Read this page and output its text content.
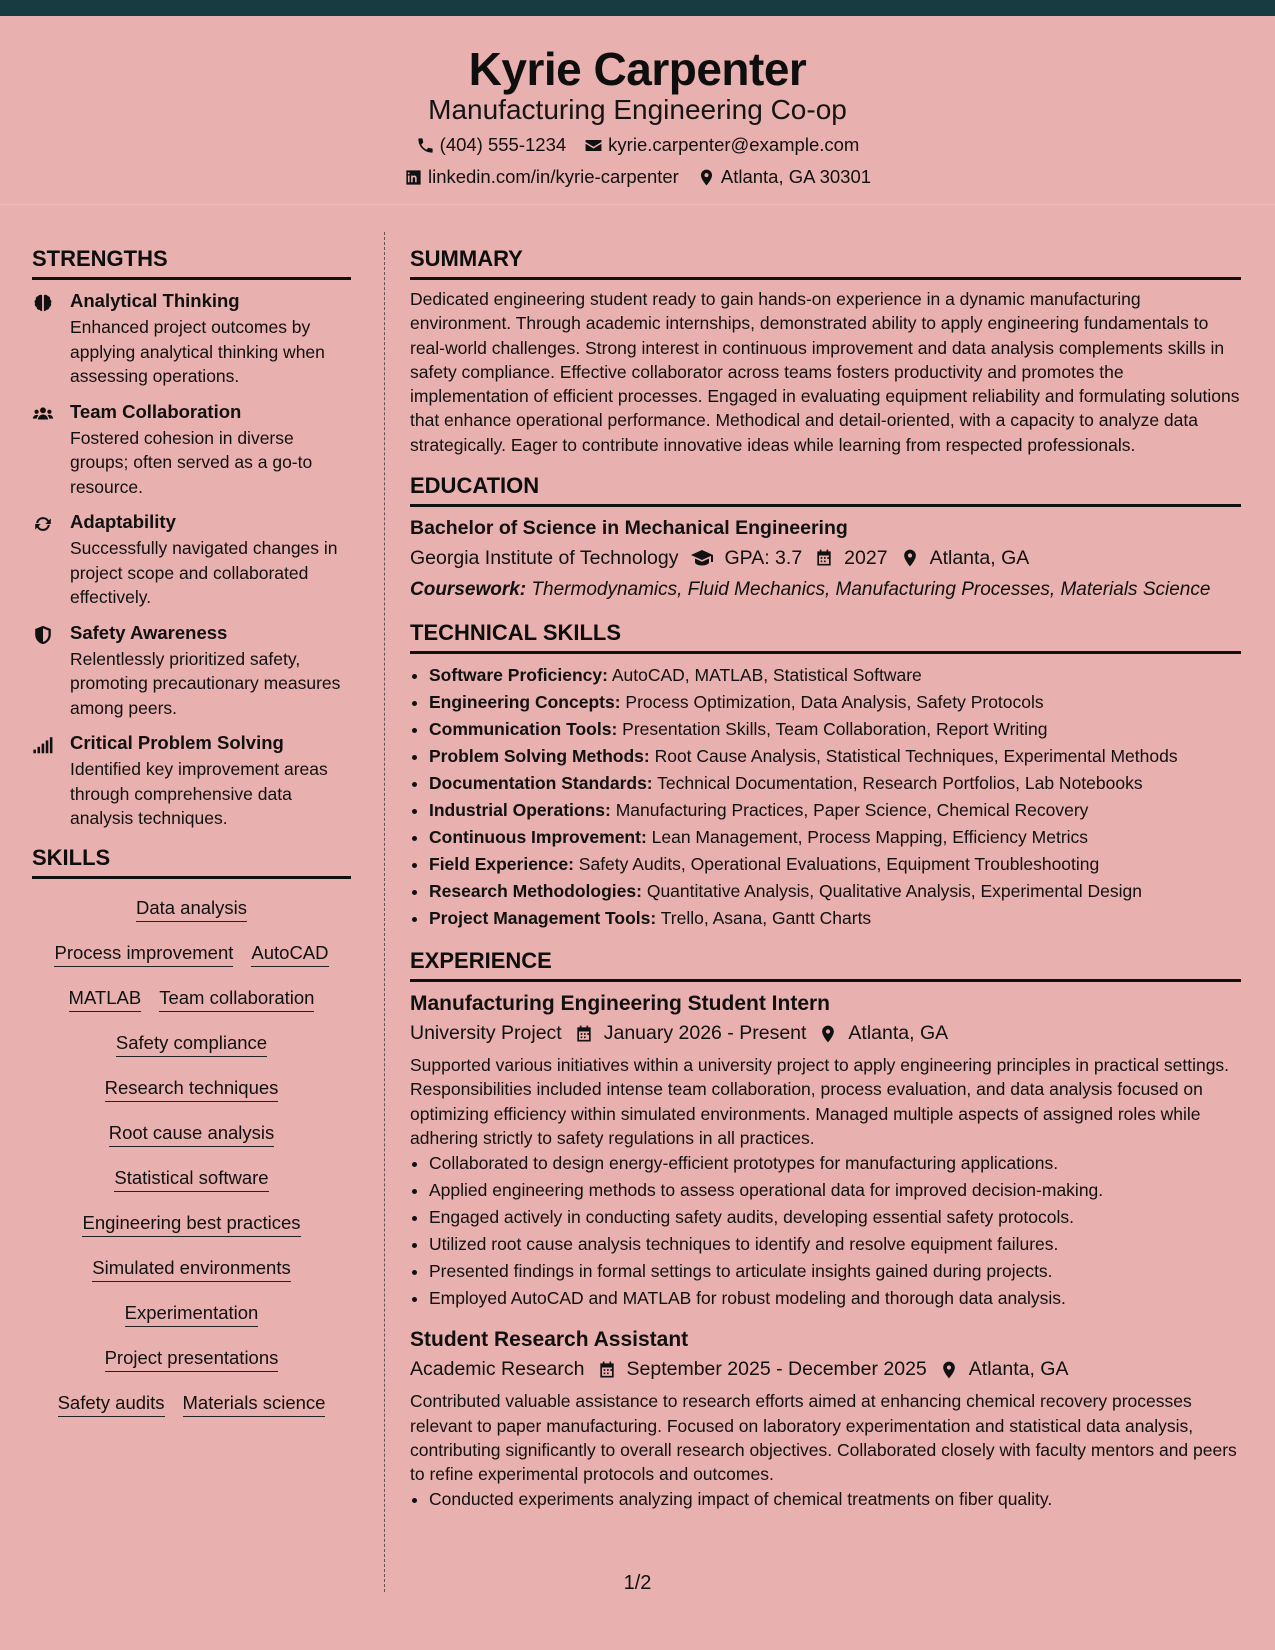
Kyrie Carpenter
Manufacturing Engineering Co-op
(404) 555-1234 kyrie.carpenter@example.com
linkedin.com/in/kyrie-carpenter Atlanta, GA 30301
STRENGTHS
Analytical Thinking
Enhanced project outcomes by applying analytical thinking when assessing operations.
Team Collaboration
Fostered cohesion in diverse groups; often served as a go-to resource.
Adaptability
Successfully navigated changes in project scope and collaborated effectively.
Safety Awareness
Relentlessly prioritized safety, promoting precautionary measures among peers.
Critical Problem Solving
Identified key improvement areas through comprehensive data analysis techniques.
SKILLS
Data analysis
Process improvement AutoCAD
MATLAB Team collaboration
Safety compliance
Research techniques
Root cause analysis
Statistical software
Engineering best practices
Simulated environments
Experimentation
Project presentations
Safety audits Materials science
SUMMARY
Dedicated engineering student ready to gain hands-on experience in a dynamic manufacturing environment. Through academic internships, demonstrated ability to apply engineering fundamentals to real-world challenges. Strong interest in continuous improvement and data analysis complements skills in safety compliance. Effective collaborator across teams fosters productivity and promotes the implementation of efficient processes. Engaged in evaluating equipment reliability and formulating solutions that enhance operational performance. Methodical and detail-oriented, with a capacity to analyze data strategically. Eager to contribute innovative ideas while learning from respected professionals.
EDUCATION
Bachelor of Science in Mechanical Engineering
Georgia Institute of Technology GPA: 3.7 2027 Atlanta, GA
Coursework: Thermodynamics, Fluid Mechanics, Manufacturing Processes, Materials Science
TECHNICAL SKILLS
• Software Proficiency: AutoCAD, MATLAB, Statistical Software
• Engineering Concepts: Process Optimization, Data Analysis, Safety Protocols
• Communication Tools: Presentation Skills, Team Collaboration, Report Writing
• Problem Solving Methods: Root Cause Analysis, Statistical Techniques, Experimental Methods
• Documentation Standards: Technical Documentation, Research Portfolios, Lab Notebooks
• Industrial Operations: Manufacturing Practices, Paper Science, Chemical Recovery
• Continuous Improvement: Lean Management, Process Mapping, Efficiency Metrics
• Field Experience: Safety Audits, Operational Evaluations, Equipment Troubleshooting
• Research Methodologies: Quantitative Analysis, Qualitative Analysis, Experimental Design
• Project Management Tools: Trello, Asana, Gantt Charts
EXPERIENCE
Manufacturing Engineering Student Intern
University Project January 2026 - Present Atlanta, GA
Supported various initiatives within a university project to apply engineering principles in practical settings. Responsibilities included intense team collaboration, process evaluation, and data analysis focused on optimizing efficiency within simulated environments. Managed multiple aspects of assigned roles while adhering strictly to safety regulations in all practices.
• Collaborated to design energy-efficient prototypes for manufacturing applications.
• Applied engineering methods to assess operational data for improved decision-making.
• Engaged actively in conducting safety audits, developing essential safety protocols.
• Utilized root cause analysis techniques to identify and resolve equipment failures.
• Presented findings in formal settings to articulate insights gained during projects.
• Employed AutoCAD and MATLAB for robust modeling and thorough data analysis.
Student Research Assistant
Academic Research September 2025 - December 2025 Atlanta, GA
Contributed valuable assistance to research efforts aimed at enhancing chemical recovery processes relevant to paper manufacturing. Focused on laboratory experimentation and statistical data analysis, contributing significantly to overall research objectives. Collaborated closely with faculty mentors and peers to refine experimental protocols and outcomes.
• Conducted experiments analyzing impact of chemical treatments on fiber quality.
1/2
